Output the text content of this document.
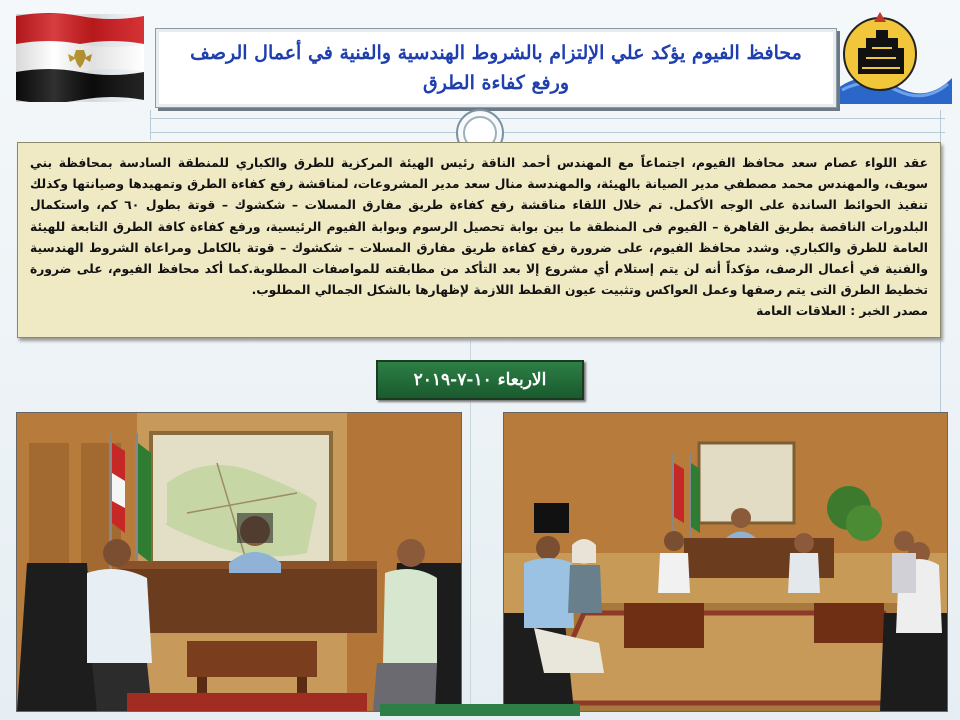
محافظ الفيوم يؤكد علي الإلتزام بالشروط الهندسية والفنية في أعمال الرصف ورفع كفاءة الطرق

عقد اللواء عصام سعد محافظ الفيوم، اجتماعاً مع المهندس أحمد الناقة رئيس الهيئة المركزية للطرق والكباري للمنطقة السادسة بمحافظة بني سويف، والمهندس محمد مصطفي مدير الصيانة بالهيئة، والمهندسة منال سعد مدير المشروعات، لمناقشة رفع كفاءة الطرق وتمهيدها وصيانتها وكذلك تنفيذ الحوائط الساندة على الوجه الأكمل. تم خلال اللقاء مناقشة رفع كفاءة طريق مفارق المسلات – شكشوك – قوتة بطول ٦٠ كم، واستكمال البلدورات الناقصة بطريق القاهرة – الفيوم فى المنطقة ما بين بوابة تحصيل الرسوم وبوابة الفيوم الرئيسية، ورفع كفاءة كافة الطرق التابعة للهيئة العامة للطرق والكباري. وشدد محافظ الفيوم، على ضرورة رفع كفاءة طريق مفارق المسلات – شكشوك – قوتة بالكامل ومراعاة الشروط الهندسية والفنية في أعمال الرصف، مؤكداً أنه لن يتم إستلام أي مشروع إلا بعد التأكد من مطابقته للمواصفات المطلوبة.كما أكد محافظ الفيوم، على ضرورة تخطيط الطرق التى يتم رصفها وعمل العواكس وتثبيت عيون القطط اللازمة لإظهارها بالشكل الجمالي المطلوب.

مصدر الخبر : العلاقات العامة

الاربعاء ١٠-٧-٢٠١٩
